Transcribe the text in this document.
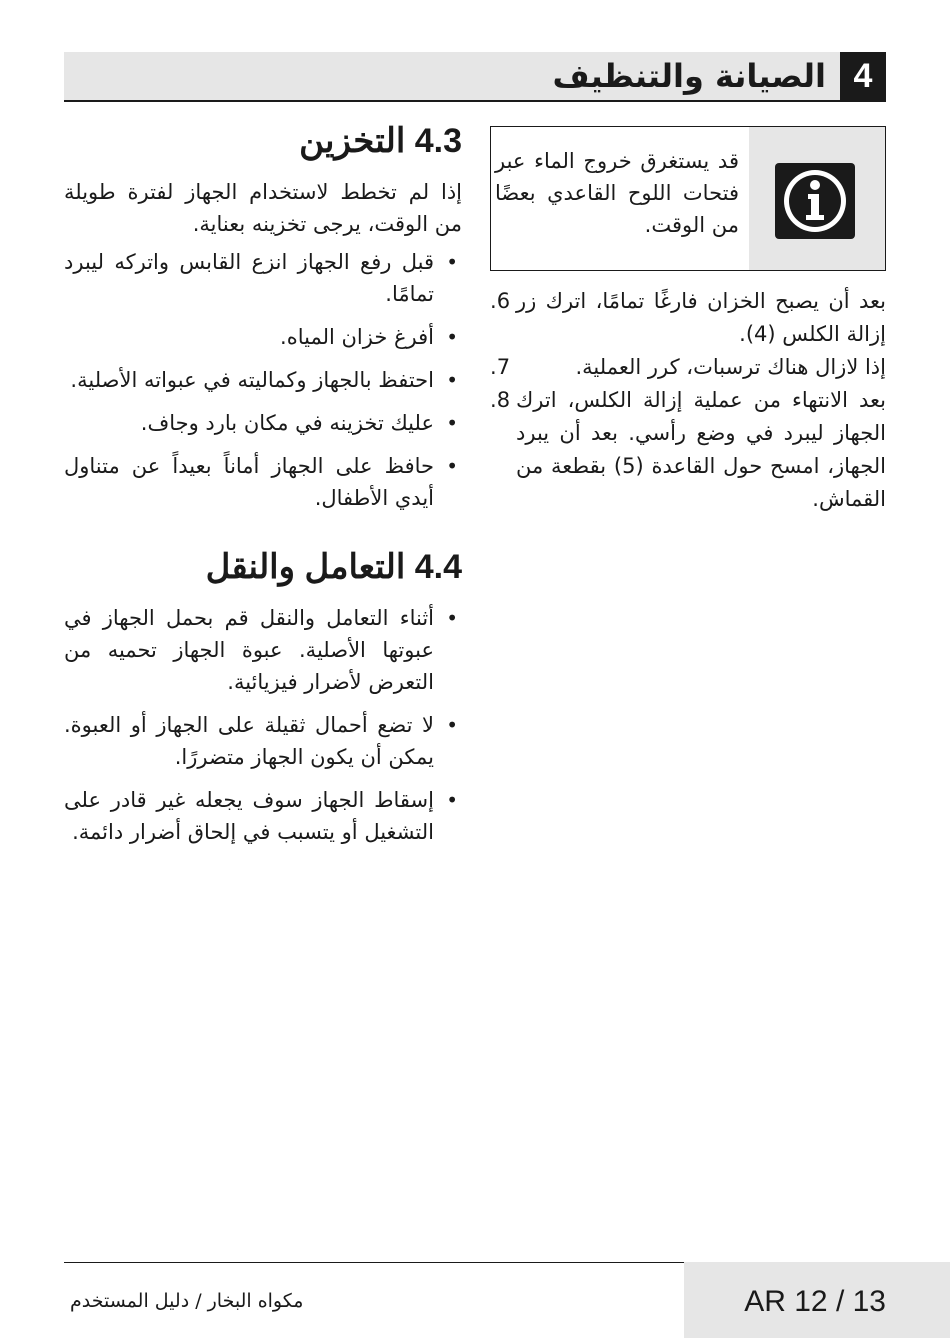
الصيانة والتنظيف 4
قد يستغرق خروج الماء عبر فتحات اللوح القاعدي بعضًا من الوقت.
بعد أن يصبح الخزان فارغًا تمامًا، اترك زر إزالة الكلس (4).
6.
إذا لازال هناك ترسبات، كرر العملية.
7.
بعد الانتهاء من عملية إزالة الكلس، اترك الجهاز ليبرد في وضع رأسي. بعد أن يبرد الجهاز، امسح حول القاعدة (5) بقطعة من القماش.
8.
4.3 التخزين

إذا لم تخطط لاستخدام الجهاز لفترة طويلة من الوقت، يرجى تخزينه بعناية.

•
قبل رفع الجهاز انزع القابس واتركه ليبرد تمامًا.
•
أفرغ خزان المياه.
•
احتفظ بالجهاز وكماليته في عبواته الأصلية.
•
عليك تخزينه في مكان بارد وجاف.
•
حافظ على الجهاز أماناً بعيداً عن متناول أيدي الأطفال.
4.4 التعامل والنقل
•
أثناء التعامل والنقل قم بحمل الجهاز في عبوتها الأصلية. عبوة الجهاز تحميه من التعرض لأضرار فيزيائية.
•
لا تضع أحمال ثقيلة على الجهاز أو العبوة. يمكن أن يكون الجهاز متضررًا.
•
إسقاط الجهاز سوف يجعله غير قادر على التشغيل أو يتسبب في إلحاق أضرار دائمة.
AR 12 / 13
مكواه البخار / دليل المستخدم
